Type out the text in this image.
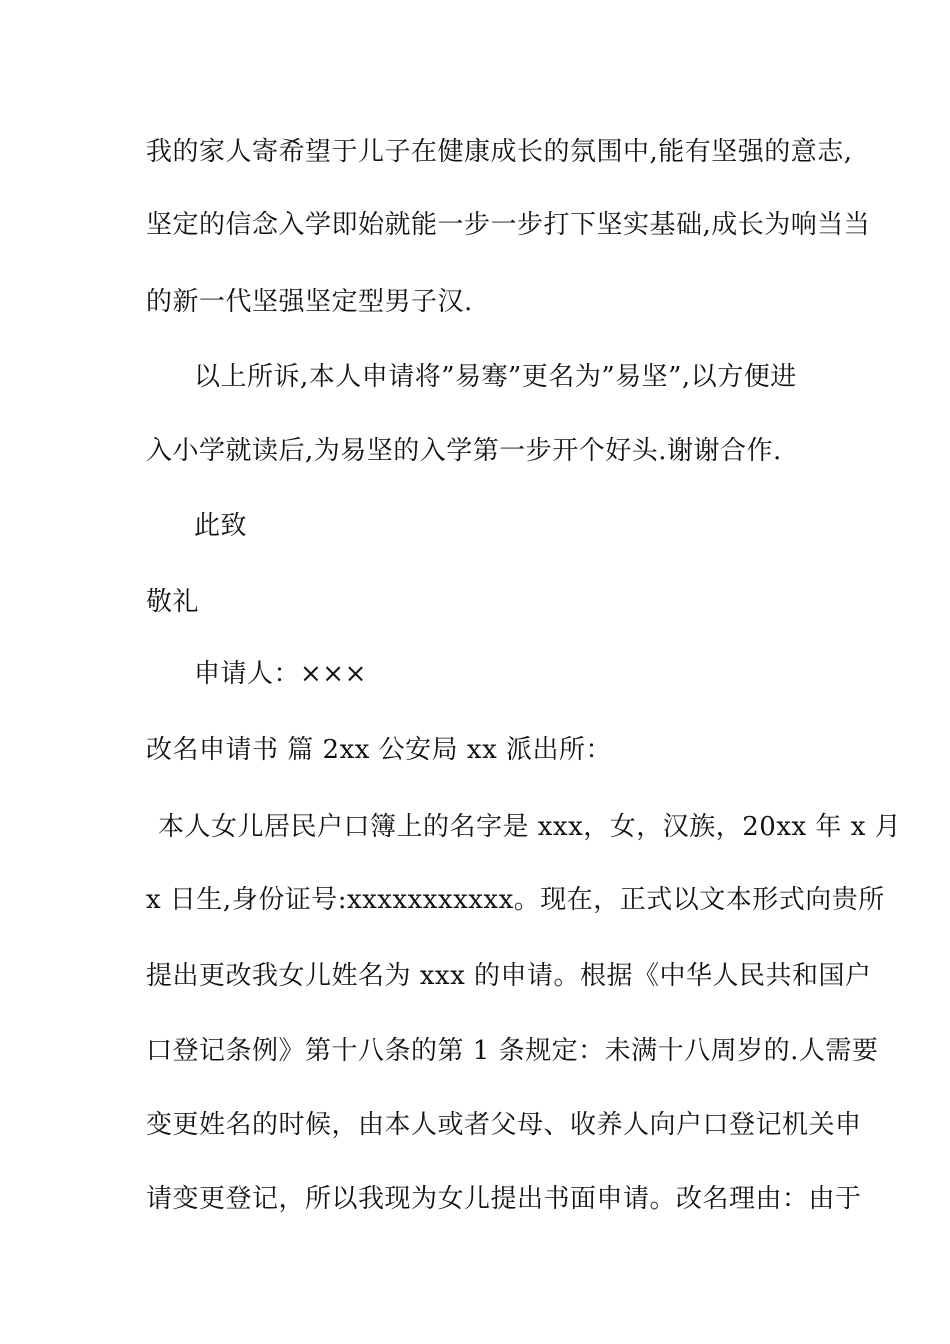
我的家人寄希望于儿子在健康成长的氛围中,能有坚强的意志,
坚定的信念入学即始就能一步一步打下坚实基础,成长为响当当
的新一代坚强坚定型男子汉.
以上所诉,本人申请将”易骞”更名为”易坚”,以方便进
入小学就读后,为易坚的入学第一步开个好头.谢谢合作.
此致
敬礼
申请人：×××
改名申请书 篇 2xx 公安局 xx 派出所：
本人女儿居民户口簿上的名字是 xxx，女，汉族，20xx 年 x 月
x 日生,身份证号:xxxxxxxxxxx。现在，正式以文本形式向贵所
提出更改我女儿姓名为 xxx 的申请。根据《中华人民共和国户
口登记条例》第十八条的第 1 条规定：未满十八周岁的.人需要
变更姓名的时候，由本人或者父母、收养人向户口登记机关申
请变更登记，所以我现为女儿提出书面申请。改名理由：由于
